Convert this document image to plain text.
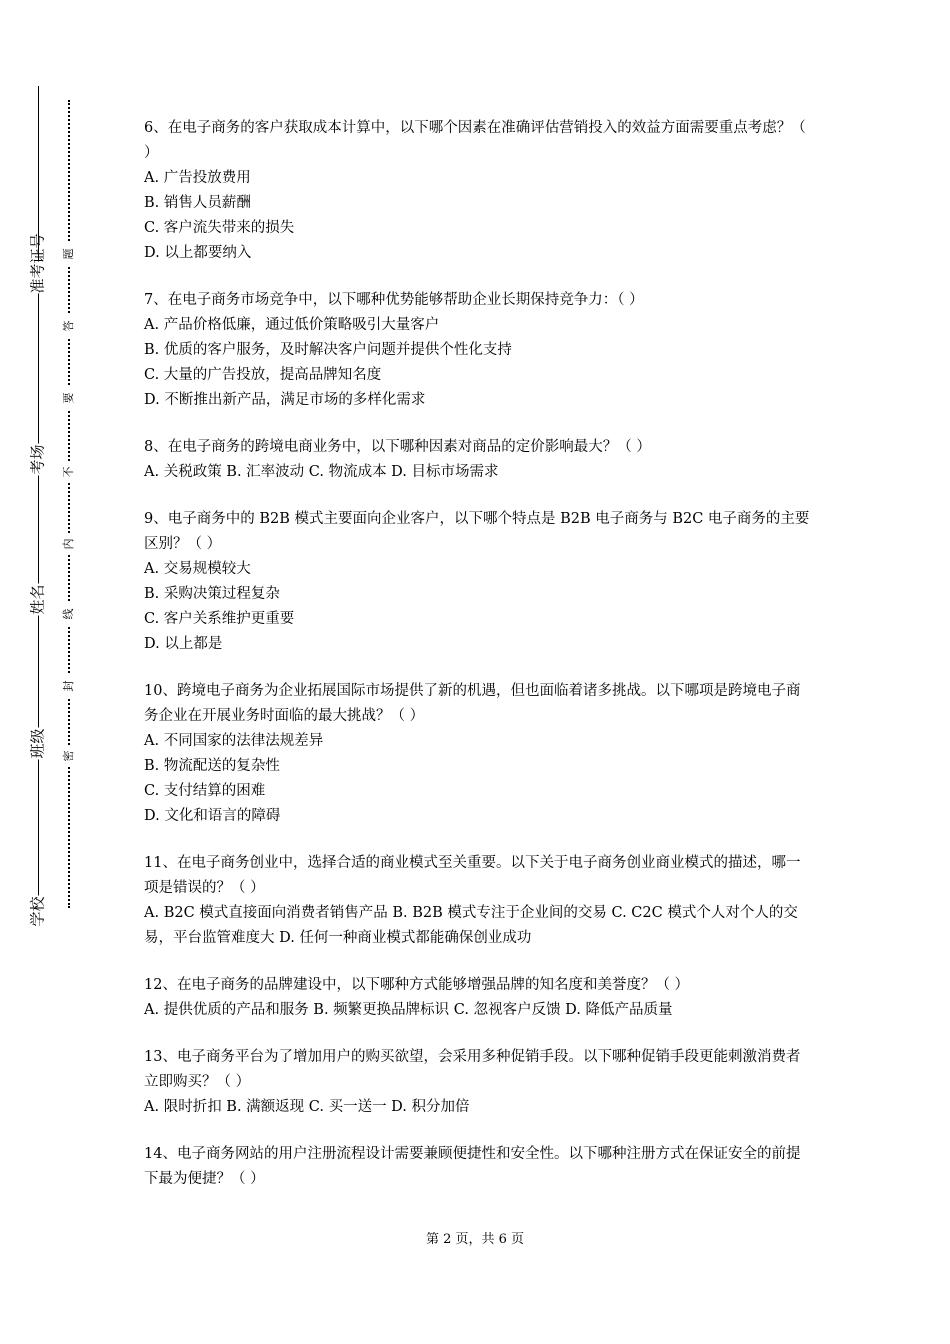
准考证号
考场
姓名
班级
学校
题
答
要
不
内
线
封
密

6、在电子商务的客户获取成本计算中，以下哪个因素在准确评估营销投入的效益方面需要重点考虑？（ ）

A. 广告投放费用

B. 销售人员薪酬

C. 客户流失带来的损失

D. 以上都要纳入

7、在电子商务市场竞争中，以下哪种优势能够帮助企业长期保持竞争力：（ ）

A. 产品价格低廉，通过低价策略吸引大量客户

B. 优质的客户服务，及时解决客户问题并提供个性化支持

C. 大量的广告投放，提高品牌知名度

D. 不断推出新产品，满足市场的多样化需求

8、在电子商务的跨境电商业务中，以下哪种因素对商品的定价影响最大？（ ）

A. 关税政策 B. 汇率波动 C. 物流成本 D. 目标市场需求

9、电子商务中的 B2B 模式主要面向企业客户，以下哪个特点是 B2B 电子商务与 B2C 电子商务的主要区别？（ ）

A. 交易规模较大

B. 采购决策过程复杂

C. 客户关系维护更重要

D. 以上都是

10、跨境电子商务为企业拓展国际市场提供了新的机遇，但也面临着诸多挑战。以下哪项是跨境电子商务企业在开展业务时面临的最大挑战？（ ）

A. 不同国家的法律法规差异

B. 物流配送的复杂性

C. 支付结算的困难

D. 文化和语言的障碍

11、在电子商务创业中，选择合适的商业模式至关重要。以下关于电子商务创业商业模式的描述，哪一项是错误的？（ ）

A. B2C 模式直接面向消费者销售产品 B. B2B 模式专注于企业间的交易 C. C2C 模式个人对个人的交易，平台监管难度大 D. 任何一种商业模式都能确保创业成功

12、在电子商务的品牌建设中，以下哪种方式能够增强品牌的知名度和美誉度？（ ）

A. 提供优质的产品和服务 B. 频繁更换品牌标识 C. 忽视客户反馈 D. 降低产品质量

13、电子商务平台为了增加用户的购买欲望，会采用多种促销手段。以下哪种促销手段更能刺激消费者立即购买？（ ）

A. 限时折扣 B. 满额返现 C. 买一送一 D. 积分加倍

14、电子商务网站的用户注册流程设计需要兼顾便捷性和安全性。以下哪种注册方式在保证安全的前提下最为便捷？（ ）

第 2 页，共 6 页
